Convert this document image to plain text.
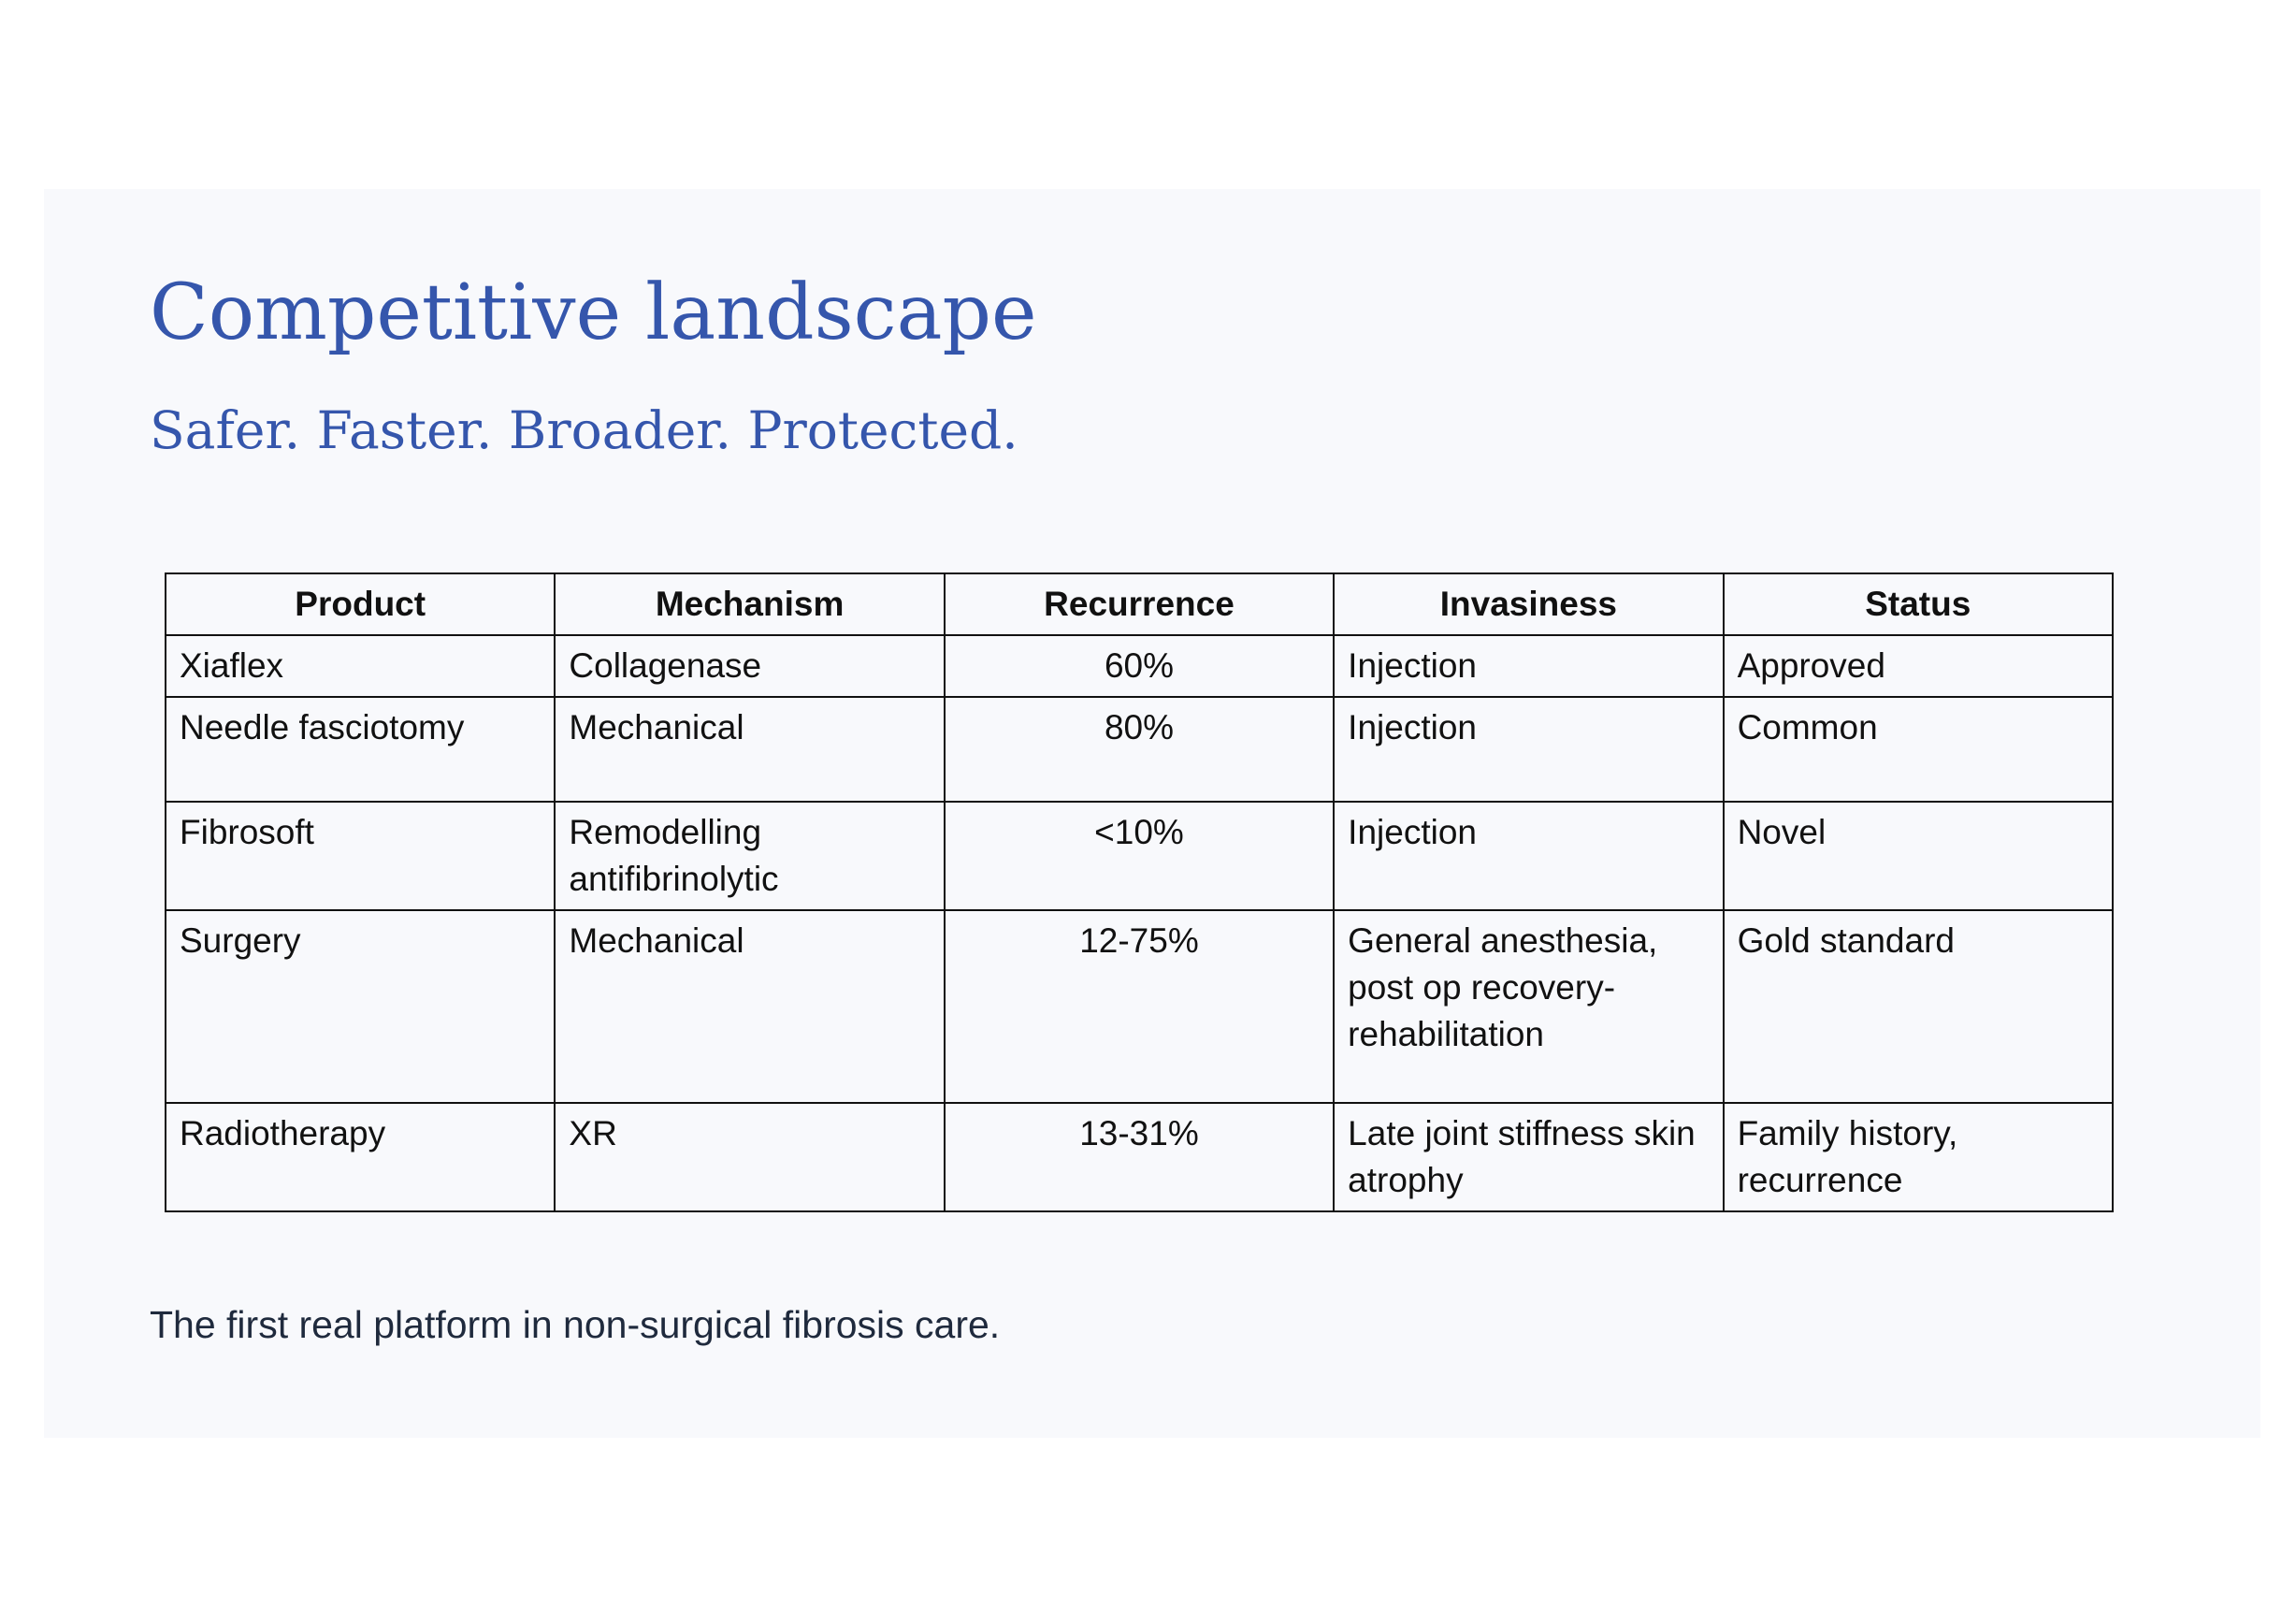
Competitive landscape
Safer. Faster. Broader. Protected.
Product	Mechanism	Recurrence	Invasiness	Status
Xiaflex	Collagenase	60%	Injection	Approved
Needle fasciotomy	Mechanical	80%	Injection	Common
Fibrosoft	Remodelling antifibrinolytic	<10%	Injection	Novel
Surgery	Mechanical	12-75%	General anesthesia, post op recovery-rehabilitation	Gold standard
Radiotherapy	XR	13-31%	Late joint stiffness skin atrophy	Family history, recurrence

The first real platform in non-surgical fibrosis care.
